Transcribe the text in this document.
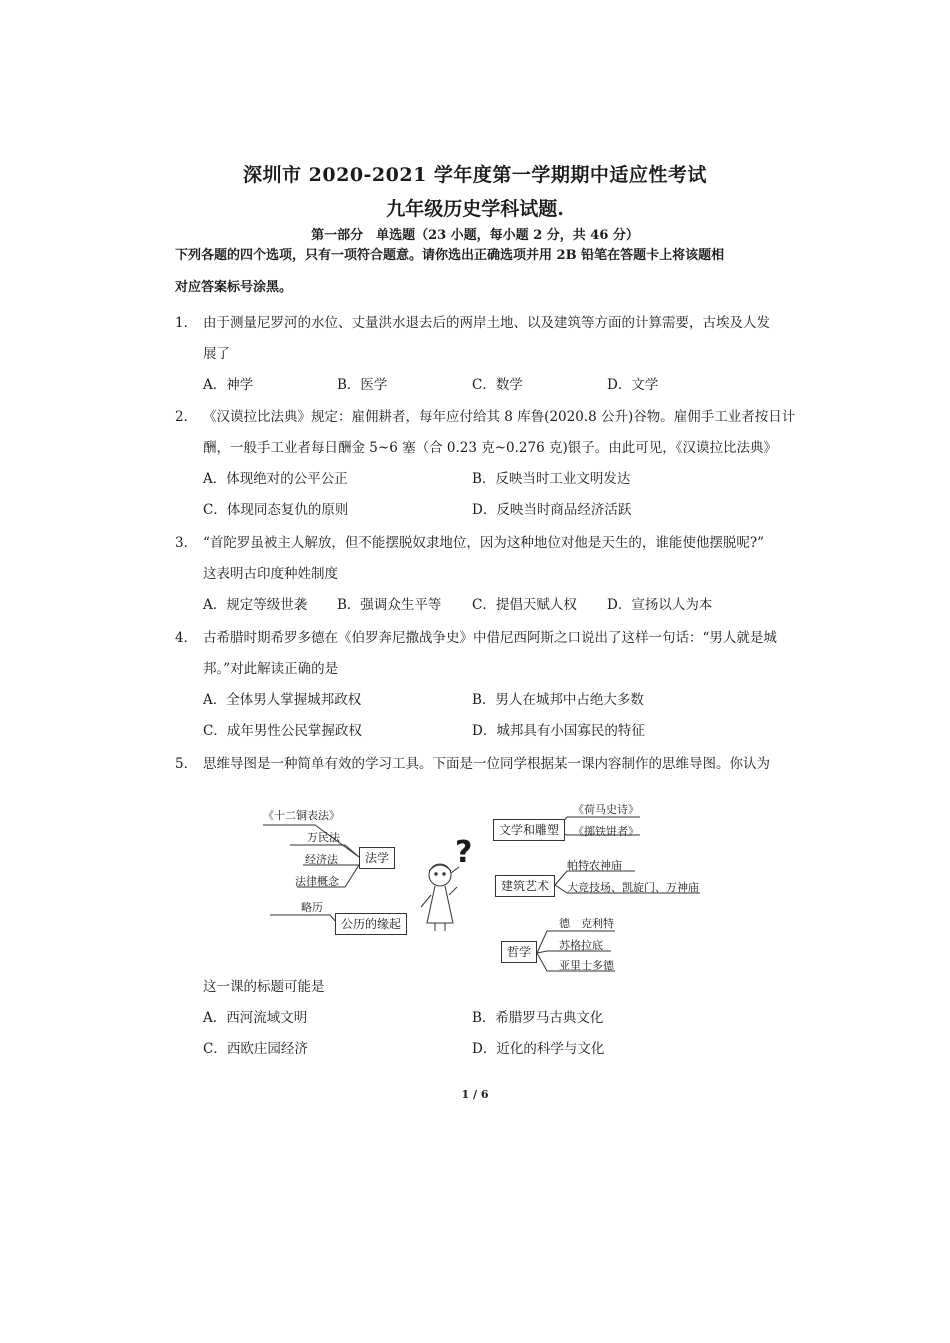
深圳市 2020-2021 学年度第一学期期中适应性考试
九年级历史学科试题.
第一部分　单选题（23 小题，每小题 2 分，共 46 分）
下列各题的四个选项，只有一项符合题意。请你选出正确选项并用 2B 铅笔在答题卡上将该题相
对应答案标号涂黑。
1． 由于测量尼罗河的水位、丈量洪水退去后的两岸土地、以及建筑等方面的计算需要，古埃及人发
展了
A．神学	B．医学	C．数学	D．文学
2． 《汉谟拉比法典》规定：雇佣耕者，每年应付给其 8 库鲁(2020.8 公升)谷物。雇佣手工业者按日计
酬，一般手工业者每日酬金 5~6 塞（合 0.23 克~0.276 克)银子。由此可见，《汉谟拉比法典》
A．体现绝对的公平公正	B．反映当时工业文明发达
C．体现同态复仇的原则	D．反映当时商品经济活跃
3． “首陀罗虽被主人解放，但不能摆脱奴隶地位，因为这种地位对他是天生的，谁能使他摆脱呢?”
这表明古印度种姓制度
A．规定等级世袭 B．强调众生平等 C．提倡天赋人权 D．宣扬以人为本
4． 古希腊时期希罗多德在《伯罗奔尼撒战争史》中借尼西阿斯之口说出了这样一句话：“男人就是城
邦。”对此解读正确的是
A．全体男人掌握城邦政权	B．男人在城邦中占绝大多数
C．成年男性公民掌握政权	D．城邦具有小国寡民的特征
5． 思维导图是一种简单有效的学习工具。下面是一位同学根据某一课内容制作的思维导图。你认为
《十二铜表法》
万民法
经济法
法律概念
法学
略历
公历的缘起
?
文学和雕塑
《荷马史诗》
《掷铁饼者》
建筑艺术
帕特农神庙
大竞技场、凯旋门、万神庙
哲学
德　克利特
苏格拉底
亚里士多德
这一课的标题可能是
A．西河流域文明	B．希腊罗马古典文化
C．西欧庄园经济	D．近化的科学与文化
1 / 6
